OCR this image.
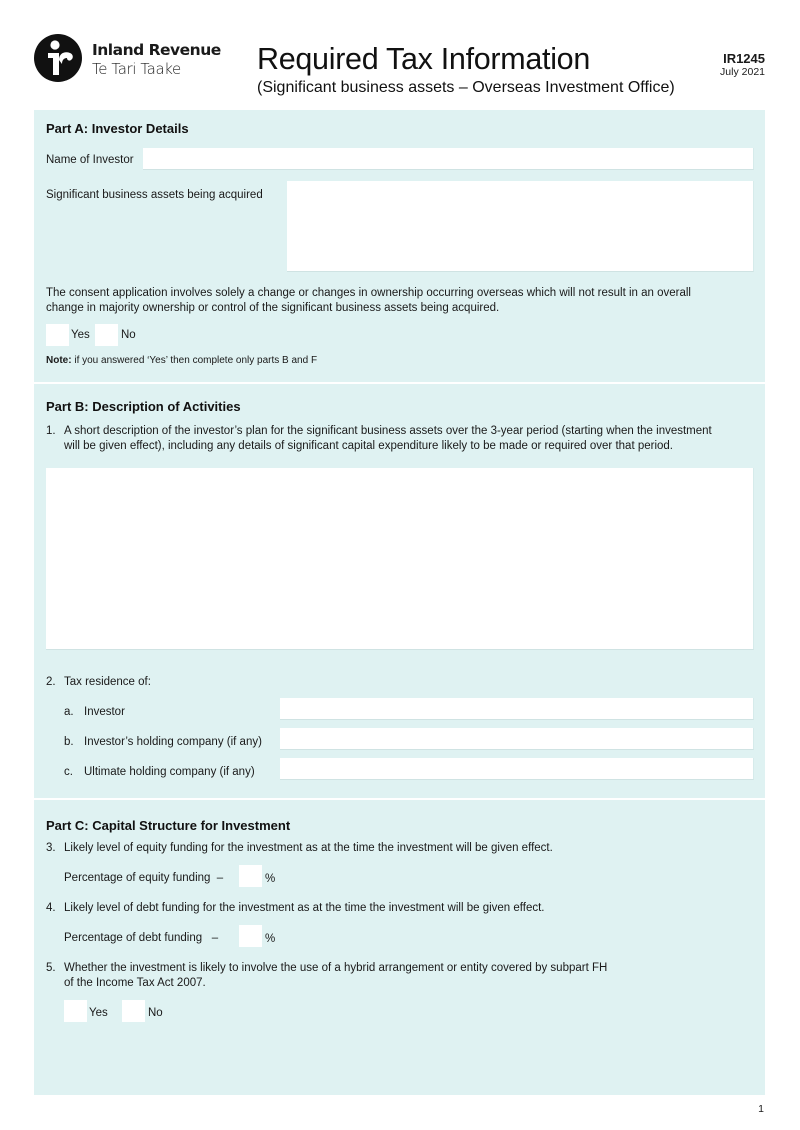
Inland Revenue
Te Tari Taake	Required Tax Information
(Significant business assets – Overseas Investment Office)
IR1245
July 2021
Part A: Investor Details
Name of Investor
Significant business assets being acquired
The consent application involves solely a change or changes in ownership occurring overseas which will not result in an overall
change in majority ownership or control of the significant business assets being acquired.
Yes	No
Note: if you answered ‘Yes’ then complete only parts B and F
Part B: Description of Activities
1. A short description of the investor’s plan for the significant business assets over the 3-year period (starting when the investment
will be given effect), including any details of significant capital expenditure likely to be made or required over that period.
2. Tax residence of:
a. Investor
b. Investor’s holding company (if any)
c. Ultimate holding company (if any)
Part C: Capital Structure for Investment
3. Likely level of equity funding for the investment as at the time the investment will be given effect.
Percentage of equity funding  –	%
4. Likely level of debt funding for the investment as at the time the investment will be given effect.
Percentage of debt funding   –	%
5. Whether the investment is likely to involve the use of a hybrid arrangement or entity covered by subpart FH
of the Income Tax Act 2007.
Yes	No
1
